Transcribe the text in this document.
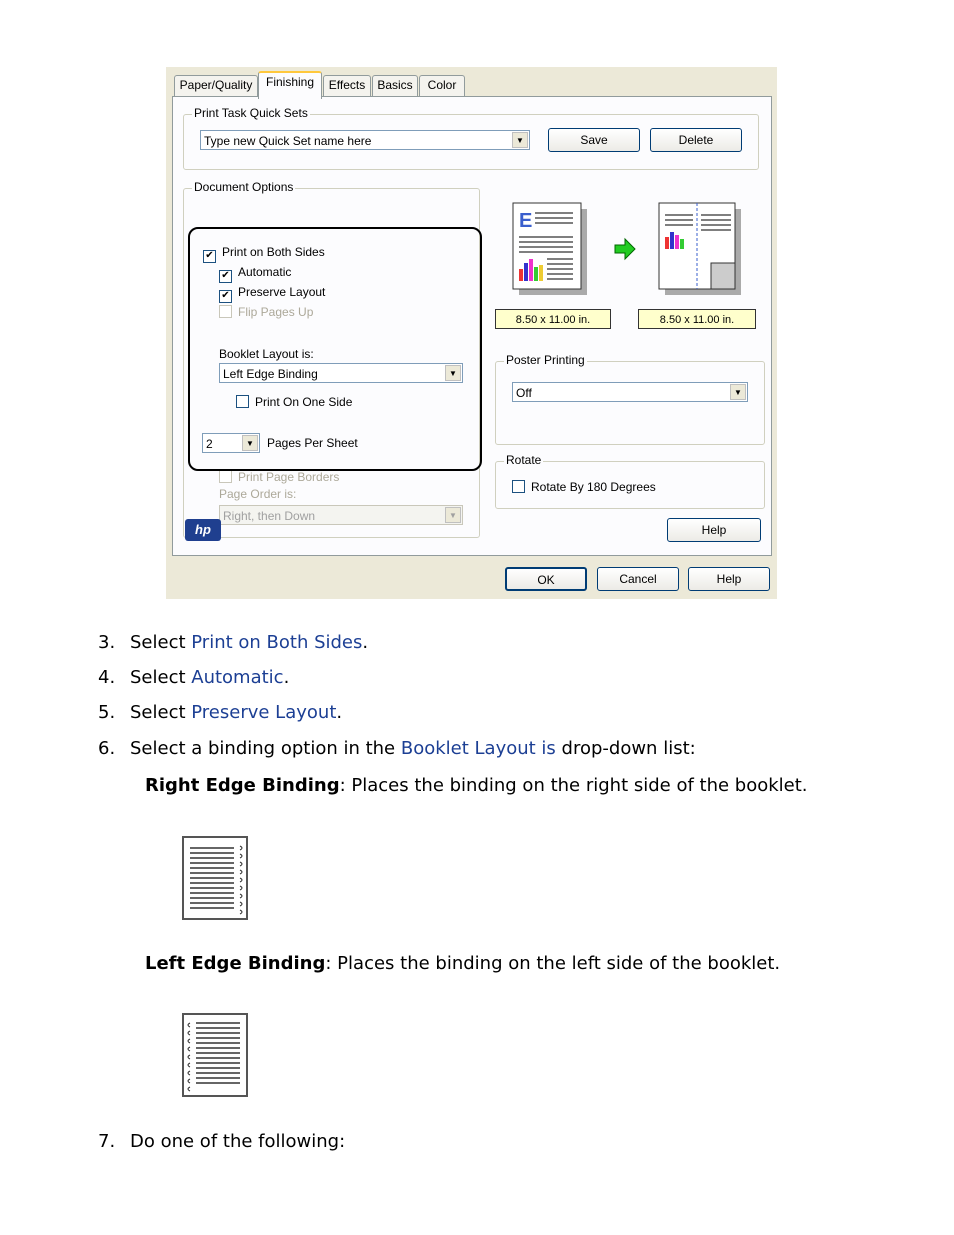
Paper/Quality	Finishing	Effects	Basics	Color
Print Task Quick Sets
Type new Quick Set name here	▼	Save	Delete
Document Options
✔ Print on Both Sides
✔ Automatic
✔ Preserve Layout
Flip Pages Up
Booklet Layout is:
Left Edge Binding	▼
Print On One Side
2	▼	Pages Per Sheet
Print Page Borders
Page Order is:
Right, then Down	▼
E
8.50 x 11.00 in.	8.50 x 11.00 in.
Poster Printing
Off	▼
Rotate
Rotate By 180 Degrees
hp	Help
OK	Cancel	Help
3. Select Print on Both Sides.
4. Select Automatic.
5. Select Preserve Layout.
6. Select a binding option in the Booklet Layout is drop-down list:
Right Edge Binding: Places the binding on the right side of the booklet.
Left Edge Binding: Places the binding on the left side of the booklet.
7. Do one of the following:
